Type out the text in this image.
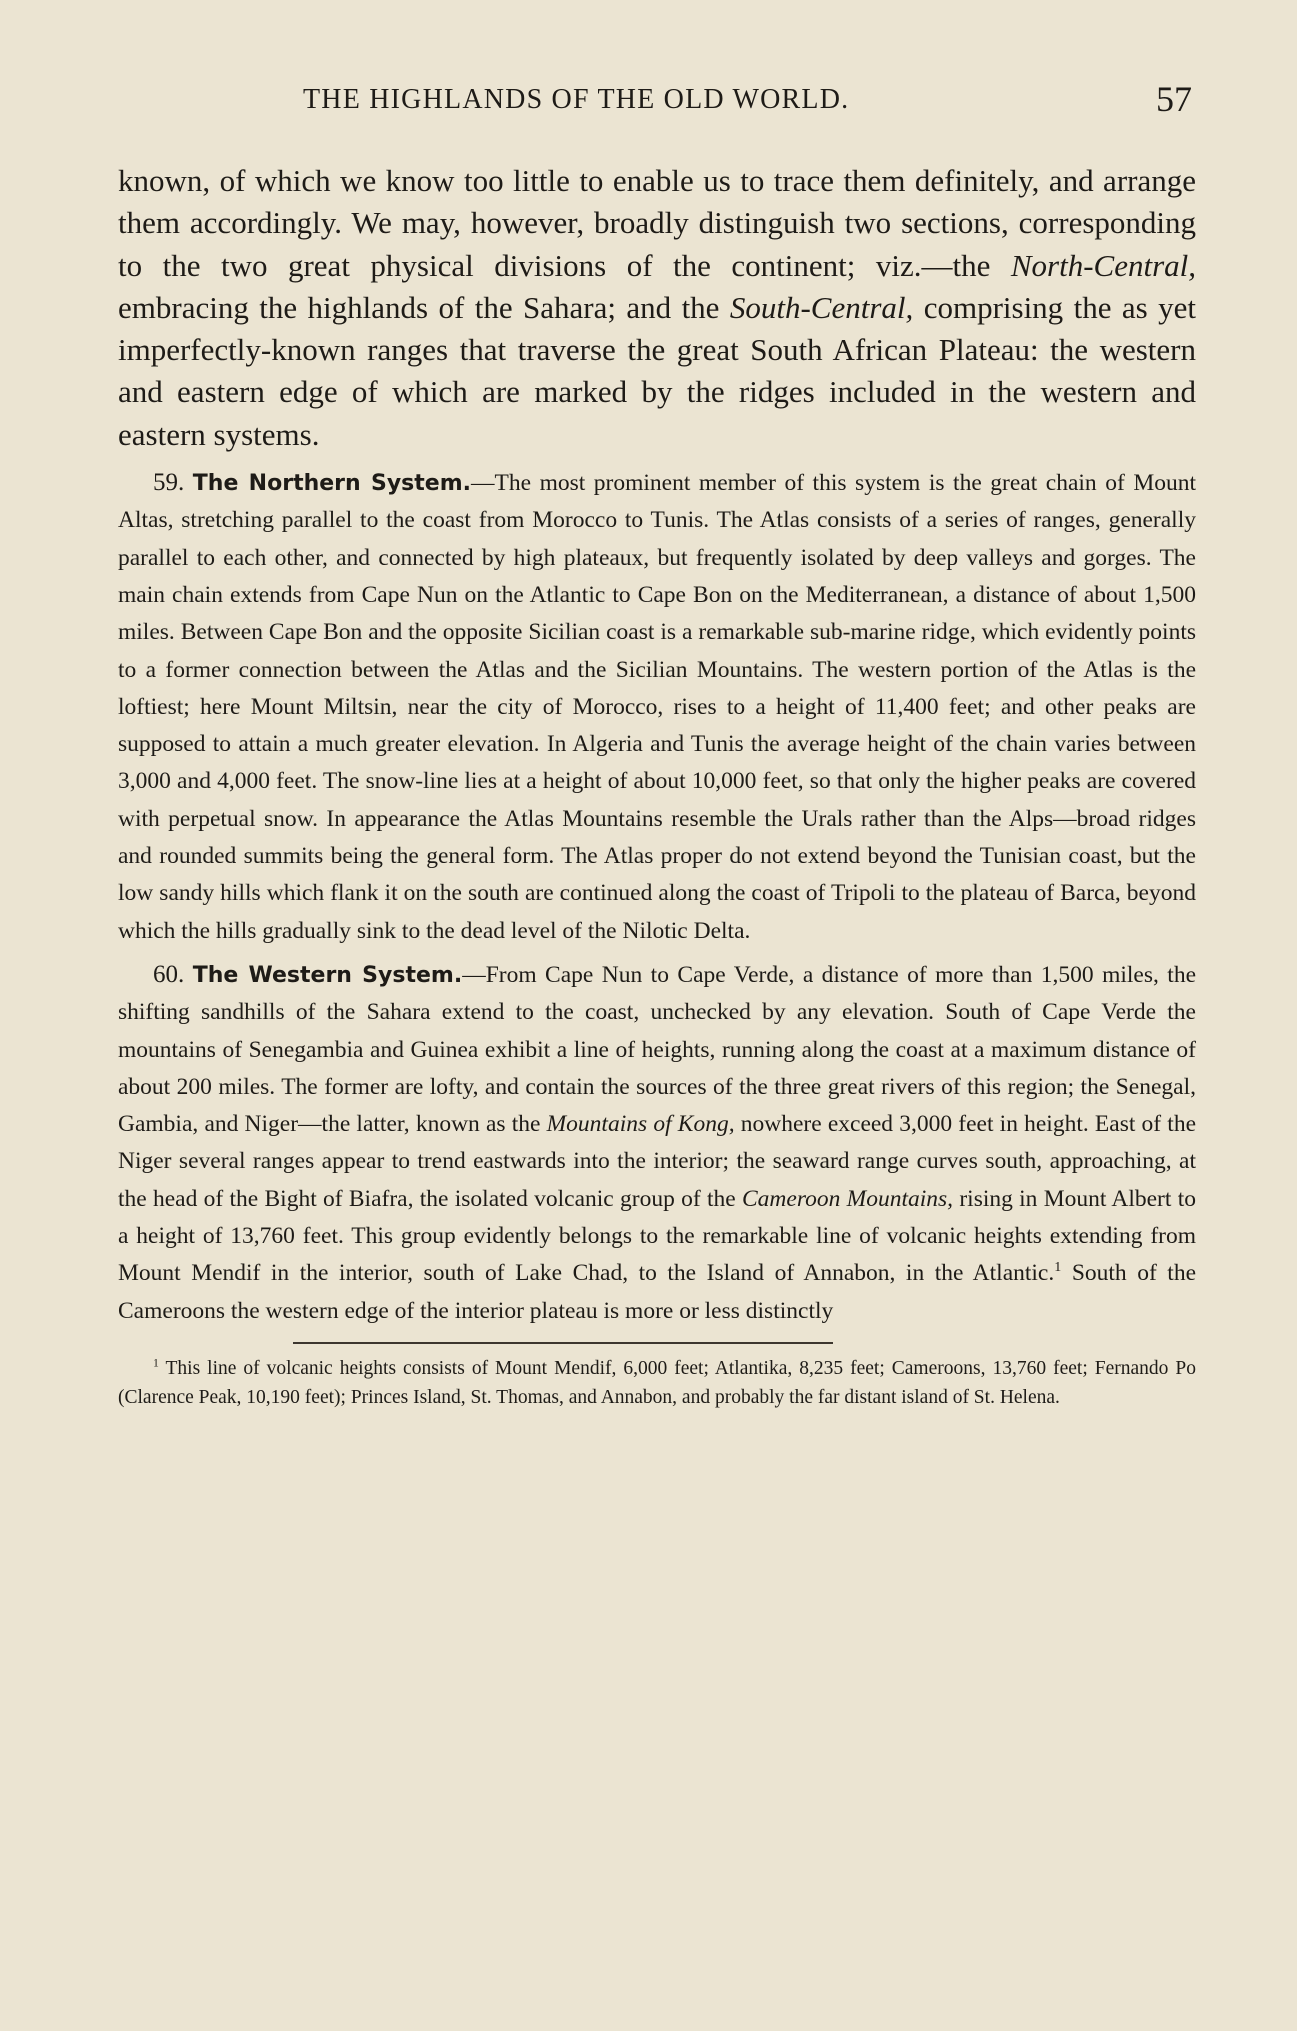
THE HIGHLANDS OF THE OLD WORLD.	57

known, of which we know too little to enable us to trace them definitely, and arrange them accordingly. We may, however, broadly distinguish two sections, corresponding to the two great physical divisions of the continent; viz.—the North-Central, embracing the highlands of the Sahara; and the South-Central, comprising the as yet imperfectly-known ranges that traverse the great South African Plateau: the western and eastern edge of which are marked by the ridges included in the western and eastern systems.

59. The Northern System.—The most prominent member of this system is the great chain of Mount Altas, stretching parallel to the coast from Morocco to Tunis. The Atlas consists of a series of ranges, generally parallel to each other, and connected by high plateaux, but frequently isolated by deep valleys and gorges. The main chain extends from Cape Nun on the Atlantic to Cape Bon on the Mediterranean, a distance of about 1,500 miles. Between Cape Bon and the opposite Sicilian coast is a remarkable sub-marine ridge, which evidently points to a former connection between the Atlas and the Sicilian Mountains. The western portion of the Atlas is the loftiest; here Mount Miltsin, near the city of Morocco, rises to a height of 11,400 feet; and other peaks are supposed to attain a much greater elevation. In Algeria and Tunis the average height of the chain varies between 3,000 and 4,000 feet. The snow-line lies at a height of about 10,000 feet, so that only the higher peaks are covered with perpetual snow. In appearance the Atlas Mountains resemble the Urals rather than the Alps—broad ridges and rounded summits being the general form. The Atlas proper do not extend beyond the Tunisian coast, but the low sandy hills which flank it on the south are continued along the coast of Tripoli to the plateau of Barca, beyond which the hills gradually sink to the dead level of the Nilotic Delta.

60. The Western System.—From Cape Nun to Cape Verde, a distance of more than 1,500 miles, the shifting sandhills of the Sahara extend to the coast, unchecked by any elevation. South of Cape Verde the mountains of Senegambia and Guinea exhibit a line of heights, running along the coast at a maximum distance of about 200 miles. The former are lofty, and contain the sources of the three great rivers of this region; the Senegal, Gambia, and Niger—the latter, known as the Mountains of Kong, nowhere exceed 3,000 feet in height. East of the Niger several ranges appear to trend eastwards into the interior; the seaward range curves south, approaching, at the head of the Bight of Biafra, the isolated volcanic group of the Cameroon Mountains, rising in Mount Albert to a height of 13,760 feet. This group evidently belongs to the remarkable line of volcanic heights extending from Mount Mendif in the interior, south of Lake Chad, to the Island of Annabon, in the Atlantic.$^1$ South of the Cameroons the western edge of the interior plateau is more or less distinctly

$^1$ This line of volcanic heights consists of Mount Mendif, 6,000 feet; Atlantika, 8,235 feet; Cameroons, 13,760 feet; Fernando Po (Clarence Peak, 10,190 feet); Princes Island, St. Thomas, and Annabon, and probably the far distant island of St. Helena.
